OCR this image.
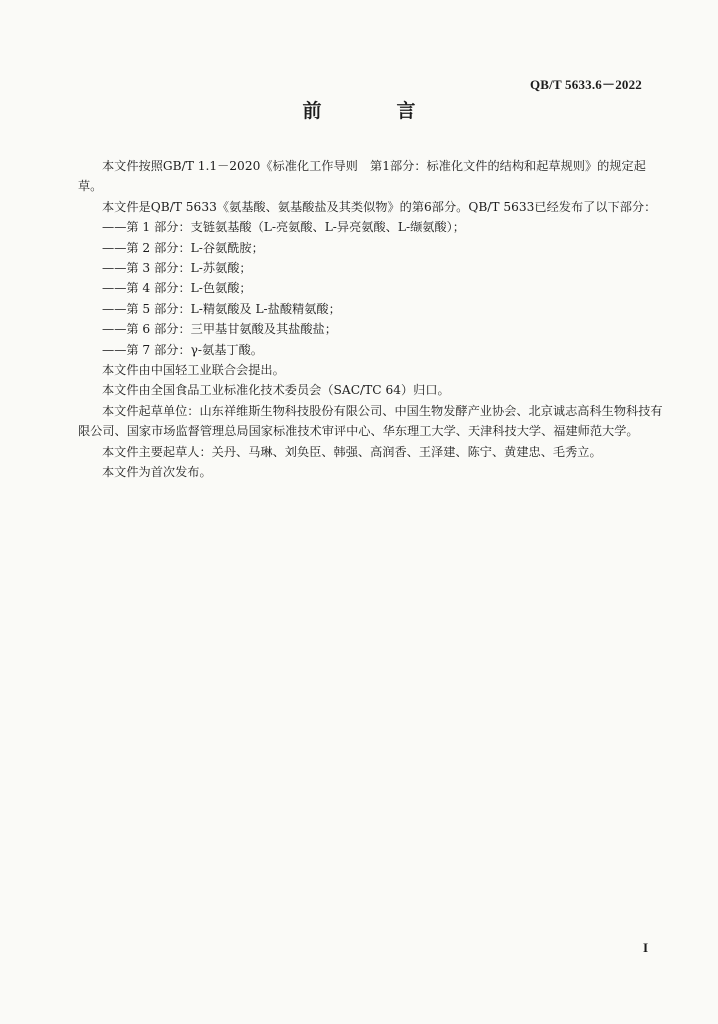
QB/T 5633.6－2022
前　言

本文件按照GB/T 1.1－2020《标准化工作导则　第1部分：标准化文件的结构和起草规则》的规定起草。

本文件是QB/T 5633《氨基酸、氨基酸盐及其类似物》的第6部分。QB/T 5633已经发布了以下部分：

——第 1 部分：支链氨基酸（L-亮氨酸、L-异亮氨酸、L-缬氨酸）；

——第 2 部分：L-谷氨酰胺；

——第 3 部分：L-苏氨酸；

——第 4 部分：L-色氨酸；

——第 5 部分：L-精氨酸及 L-盐酸精氨酸；

——第 6 部分：三甲基甘氨酸及其盐酸盐；

——第 7 部分：γ-氨基丁酸。

本文件由中国轻工业联合会提出。

本文件由全国食品工业标准化技术委员会（SAC/TC 64）归口。

本文件起草单位：山东祥维斯生物科技股份有限公司、中国生物发酵产业协会、北京诚志高科生物科技有限公司、国家市场监督管理总局国家标准技术审评中心、华东理工大学、天津科技大学、福建师范大学。

本文件主要起草人：关丹、马琳、刘奂臣、韩强、高润香、王泽建、陈宁、黄建忠、毛秀立。

本文件为首次发布。

I
